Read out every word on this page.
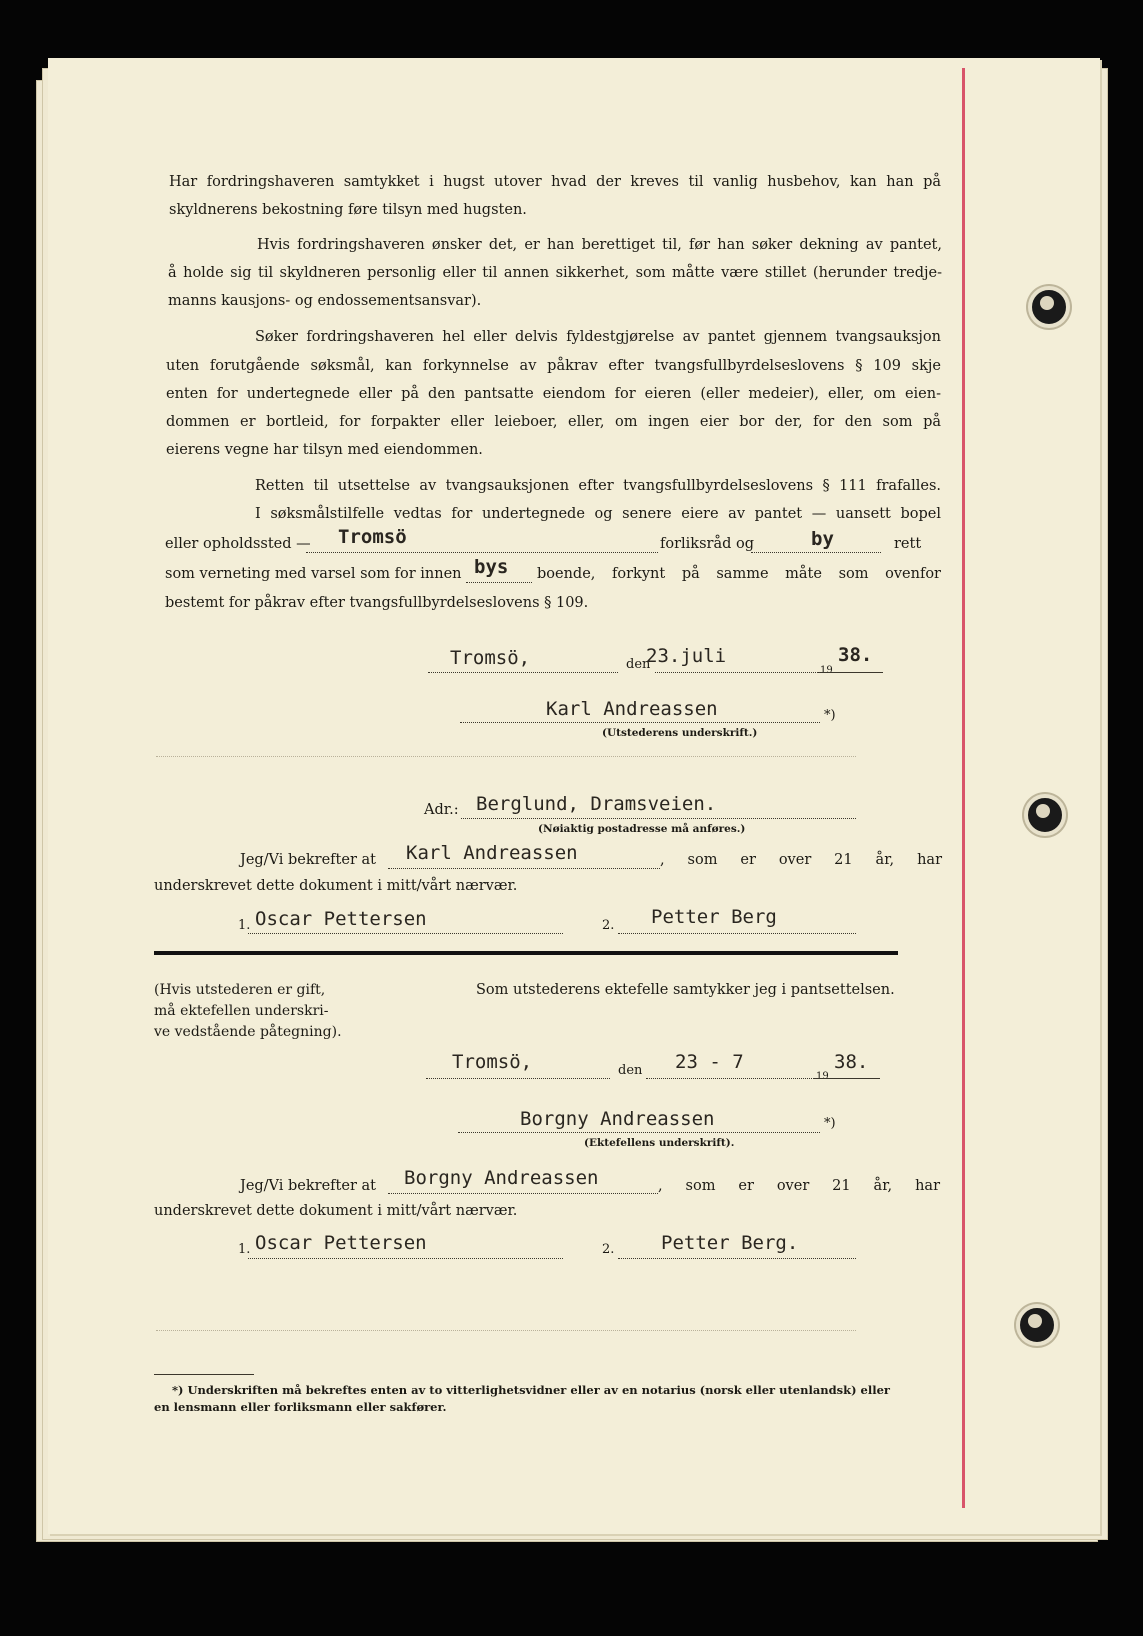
Har fordringshaveren samtykket i hugst utover hvad der kreves til vanlig husbehov, kan han på
skyldnerens bekostning føre tilsyn med hugsten.
Hvis fordringshaveren ønsker det, er han berettiget til, før han søker dekning av pantet,
å holde sig til skyldneren personlig eller til annen sikkerhet, som måtte være stillet (herunder tredje-
manns kausjons- og endossementsansvar).
Søker fordringshaveren hel eller delvis fyldestgjørelse av pantet gjennem tvangsauksjon
uten forutgående søksmål, kan forkynnelse av påkrav efter tvangsfullbyrdelseslovens § 109 skje
enten for undertegnede eller på den pantsatte eiendom for eieren (eller medeier), eller, om eien-
dommen er bortleid, for forpakter eller leieboer, eller, om ingen eier bor der, for den som på
eierens vegne har tilsyn med eiendommen.
Retten til utsettelse av tvangsauksjonen efter tvangsfullbyrdelseslovens § 111 frafalles.
I søksmålstilfelle vedtas for undertegnede og senere eiere av pantet — uansett bopel
eller opholdssted — Tromsö	forliksråd og	by	rett
som verneting med varsel som for innen bys boende, forkynt på samme måte som ovenfor
bestemt for påkrav efter tvangsfullbyrdelseslovens § 109.
Tromsö,	den
23.juli
19
38.
Karl Andreassen	*)
(Utstederens underskrift.)
Adr.: Berglund, Dramsveien.
(Nøiaktig postadresse må anføres.)
Jeg/Vi bekrefter at Karl Andreassen	, som er over 21 år, har
underskrevet dette dokument i mitt/vårt nærvær.
1. Oscar Pettersen	2. Petter Berg
(Hvis utstederen er gift,
må ektefellen underskri-
ve vedstående påtegning).
Som utstederens ektefelle samtykker jeg i pantsettelsen.
Tromsö,	den 23 - 7
19
38.
Borgny Andreassen	*)
(Ektefellens underskrift).
Jeg/Vi bekrefter at Borgny Andreassen	, som er over 21 år, har
underskrevet dette dokument i mitt/vårt nærvær.
1. Oscar Pettersen	2. Petter Berg.
*) Underskriften må bekreftes enten av to vitterlighetsvidner eller av en notarius (norsk eller utenlandsk) eller
en lensmann eller forliksmann eller sakfører.
